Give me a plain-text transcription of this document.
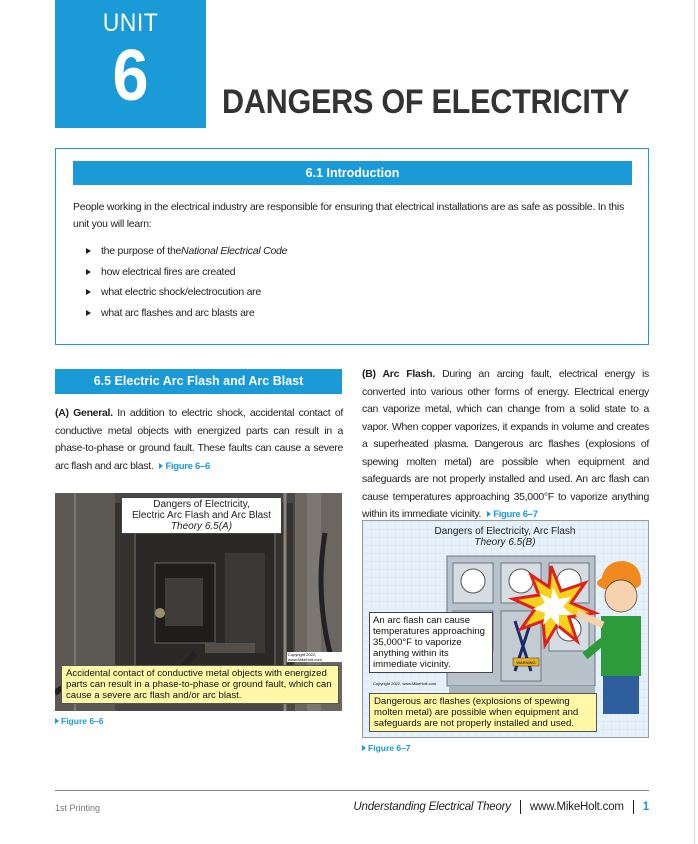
UNIT
6	DANGERS OF ELECTRICITY
6.1 Introduction

People working in the electrical industry are responsible for ensuring that electrical installations are as safe as possible. In this unit you will learn:

the purpose of the National Electrical Code
how electrical fires are created
what electric shock/electrocution are
what arc flashes and arc blasts are
6.5 Electric Arc Flash and Arc Blast

(A) General. In addition to electric shock, accidental contact of conductive metal objects with energized parts can result in a phase-to-phase or ground fault. These faults can cause a severe arc flash and arc blast. Figure 6–6

(B) Arc Flash. During an arcing fault, electrical energy is converted into various other forms of energy. Electrical energy can vaporize metal, which can change from a solid state to a vapor. When copper vaporizes, it expands in volume and creates a superheated plasma. Dangerous arc flashes (explosions of spewing molten metal) are possible when equipment and safeguards are not properly installed and used. An arc flash can cause temperatures approaching 35,000°F to vaporize anything within its immediate vicinity. Figure 6–7

Dangers of Electricity,
Electric Arc Flash and Arc Blast
Theory 6.5(A)
Copyright 2022, www.MikeHolt.com
Accidental contact of conductive metal objects with energized parts can result in a phase-to-phase or ground fault, which can cause a severe arc flash and/or arc blast.
Figure 6–6
WARNING
Dangers of Electricity, Arc Flash
Theory 6.5(B)
An arc flash can cause temperatures approaching 35,000°F to vaporize anything within its immediate vicinity.
Copyright 2022, www.MikeHolt.com
Dangerous arc flashes (explosions of spewing molten metal) are possible when equipment and safeguards are not properly installed and used.
Figure 6–7
1st Printing	Understanding Electrical Theory www.MikeHolt.com 1
